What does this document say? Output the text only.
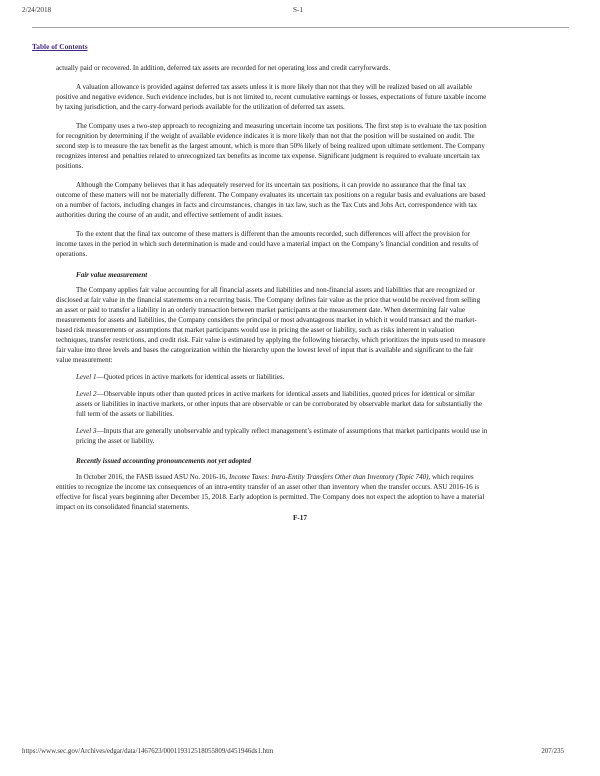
2/24/2018	S-1
Table of Contents
actually paid or recovered. In addition, deferred tax assets are recorded for net operating loss and credit carryforwards.
A valuation allowance is provided against deferred tax assets unless it is more likely than not that they will be realized based on all available
positive and negative evidence. Such evidence includes, but is not limited to, recent cumulative earnings or losses, expectations of future taxable income
by taxing jurisdiction, and the carry-forward periods available for the utilization of deferred tax assets.
The Company uses a two-step approach to recognizing and measuring uncertain income tax positions. The first step is to evaluate the tax position
for recognition by determining if the weight of available evidence indicates it is more likely than not that the position will be sustained on audit. The
second step is to measure the tax benefit as the largest amount, which is more than 50% likely of being realized upon ultimate settlement. The Company
recognizes interest and penalties related to unrecognized tax benefits as income tax expense. Significant judgment is required to evaluate uncertain tax
positions.
Although the Company believes that it has adequately reserved for its uncertain tax positions, it can provide no assurance that the final tax
outcome of these matters will not be materially different. The Company evaluates its uncertain tax positions on a regular basis and evaluations are based
on a number of factors, including changes in facts and circumstances, changes in tax law, such as the Tax Cuts and Jobs Act, correspondence with tax
authorities during the course of an audit, and effective settlement of audit issues.
To the extent that the final tax outcome of these matters is different than the amounts recorded, such differences will affect the provision for
income taxes in the period in which such determination is made and could have a material impact on the Company’s financial condition and results of
operations.
Fair value measurement
The Company applies fair value accounting for all financial assets and liabilities and non-financial assets and liabilities that are recognized or
disclosed at fair value in the financial statements on a recurring basis. The Company defines fair value as the price that would be received from selling
an asset or paid to transfer a liability in an orderly transaction between market participants at the measurement date. When determining fair value
measurements for assets and liabilities, the Company considers the principal or most advantageous market in which it would transact and the market-
based risk measurements or assumptions that market participants would use in pricing the asset or liability, such as risks inherent in valuation
techniques, transfer restrictions, and credit risk. Fair value is estimated by applying the following hierarchy, which prioritizes the inputs used to measure
fair value into three levels and bases the categorization within the hierarchy upon the lowest level of input that is available and significant to the fair
value measurement:
Level 1—Quoted prices in active markets for identical assets or liabilities.
Level 2—Observable inputs other than quoted prices in active markets for identical assets and liabilities, quoted prices for identical or similar
assets or liabilities in inactive markets, or other inputs that are observable or can be corroborated by observable market data for substantially the
full term of the assets or liabilities.
Level 3—Inputs that are generally unobservable and typically reflect management’s estimate of assumptions that market participants would use in
pricing the asset or liability.
Recently issued accounting pronouncements not yet adopted
In October 2016, the FASB issued ASU No. 2016-16, Income Taxes: Intra-Entity Transfers Other than Inventory (Topic 740), which requires
entities to recognize the income tax consequences of an intra-entity transfer of an asset other than inventory when the transfer occurs. ASU 2016-16 is
effective for fiscal years beginning after December 15, 2018. Early adoption is permitted. The Company does not expect the adoption to have a material
impact on its consolidated financial statements.
F-17
https://www.sec.gov/Archives/edgar/data/1467623/000119312518055809/d451946ds1.htm	207/235
